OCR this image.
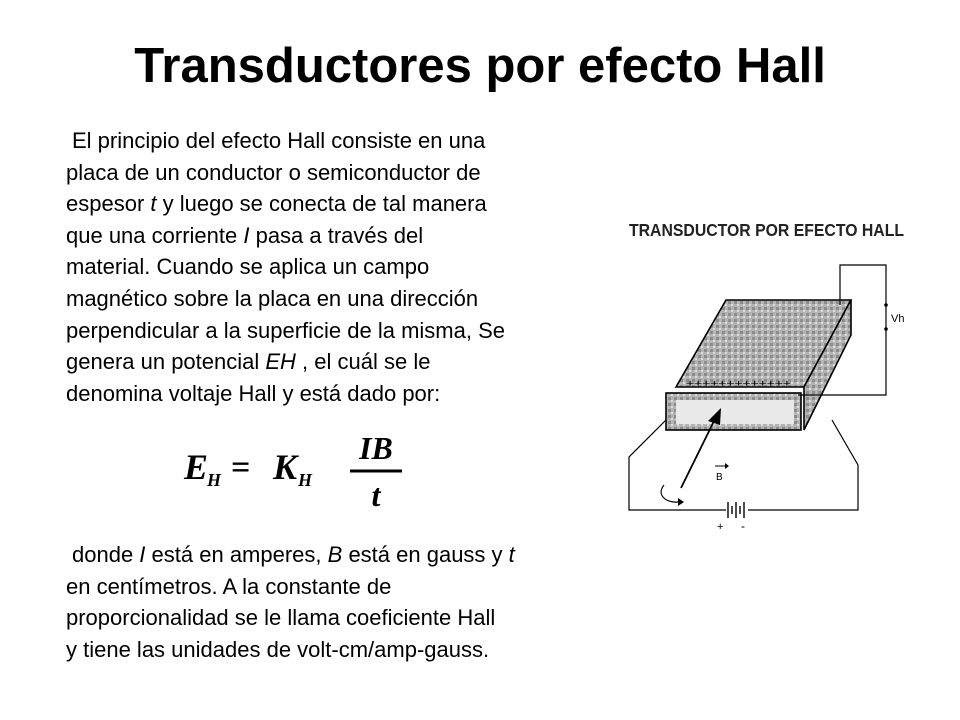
Transductores por efecto Hall
El principio del efecto Hall consiste en una
placa de un conductor o semiconductor de
espesor t y luego se conecta de tal manera
que una corriente I pasa a través del
material. Cuando se aplica un campo
magnético sobre la placa en una dirección
perpendicular a la superficie de la misma, Se
genera un potencial EH , el cuál se le
denomina voltaje Hall y está dado por:
E
H = K H
IB
t
donde I está en amperes, B está en gauss y t
en centímetros. A la constante de
proporcionalidad se le llama coeficiente Hall
y tiene las unidades de volt-cm/amp-gauss.
TRANSDUCTOR POR EFECTO HALL
+++++++++++++
- - - - - - - - - - - - -
Vh
+ -
B
